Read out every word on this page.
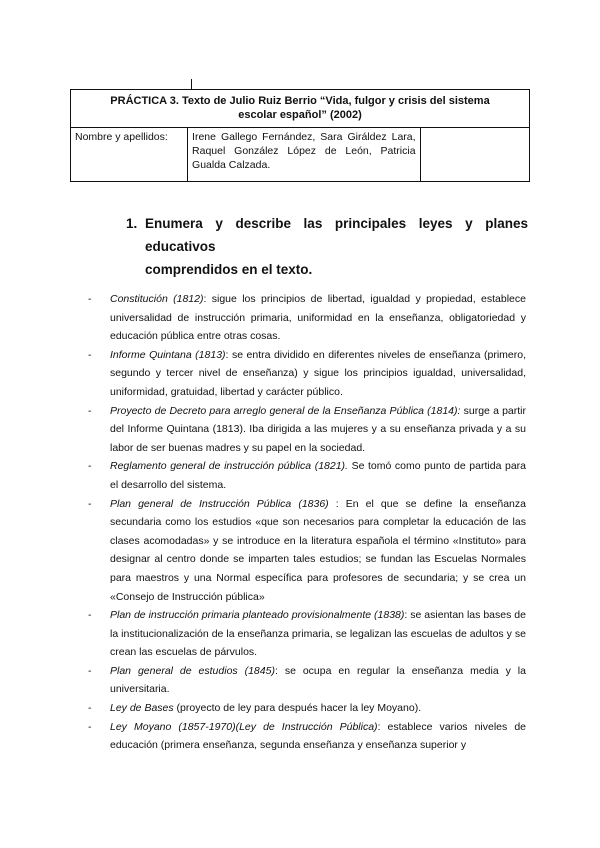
PRÁCTICA 3. Texto de Julio Ruiz Berrio “Vida, fulgor y crisis del sistema escolar español” (2002)
Nombre y apellidos:	Irene Gallego Fernández, Sara Giráldez Lara, Raquel González López de León, Patricia Gualda Calzada.	
1. Enumera y describe las principales leyes y planes educativos
comprendidos en el texto.
- Constitución (1812): sigue los principios de libertad, igualdad y propiedad, establece universalidad de instrucción primaria, uniformidad en la enseñanza, obligatoriedad y educación pública entre otras cosas.
- Informe Quintana (1813): se entra dividido en diferentes niveles de enseñanza (primero, segundo y tercer nivel de enseñanza) y sigue los principios igualdad, universalidad, uniformidad, gratuidad, libertad y carácter público.
- Proyecto de Decreto para arreglo general de la Enseñanza Pública (1814): surge a partir del Informe Quintana (1813). Iba dirigida a las mujeres y a su enseñanza privada y a su labor de ser buenas madres y su papel en la sociedad.
- Reglamento general de instrucción pública (1821). Se tomó como punto de partida para el desarrollo del sistema.
- Plan general de Instrucción Pública (1836) : En el que se define la enseñanza secundaria como los estudios «que son necesarios para completar la educación de las clases acomodadas» y se introduce en la literatura española el término «Instituto» para designar al centro donde se imparten tales estudios; se fundan las Escuelas Normales para maestros y una Normal específica para profesores de secundaria; y se crea un «Consejo de Instrucción pública»
- Plan de instrucción primaria planteado provisionalmente (1838): se asientan las bases de la institucionalización de la enseñanza primaria, se legalizan las escuelas de adultos y se crean las escuelas de párvulos.
- Plan general de estudios (1845): se ocupa en regular la enseñanza media y la universitaria.
- Ley de Bases (proyecto de ley para después hacer la ley Moyano).
- Ley Moyano (1857-1970)(Ley de Instrucción Pública): establece varios niveles de educación (primera enseñanza, segunda enseñanza y enseñanza superior y
